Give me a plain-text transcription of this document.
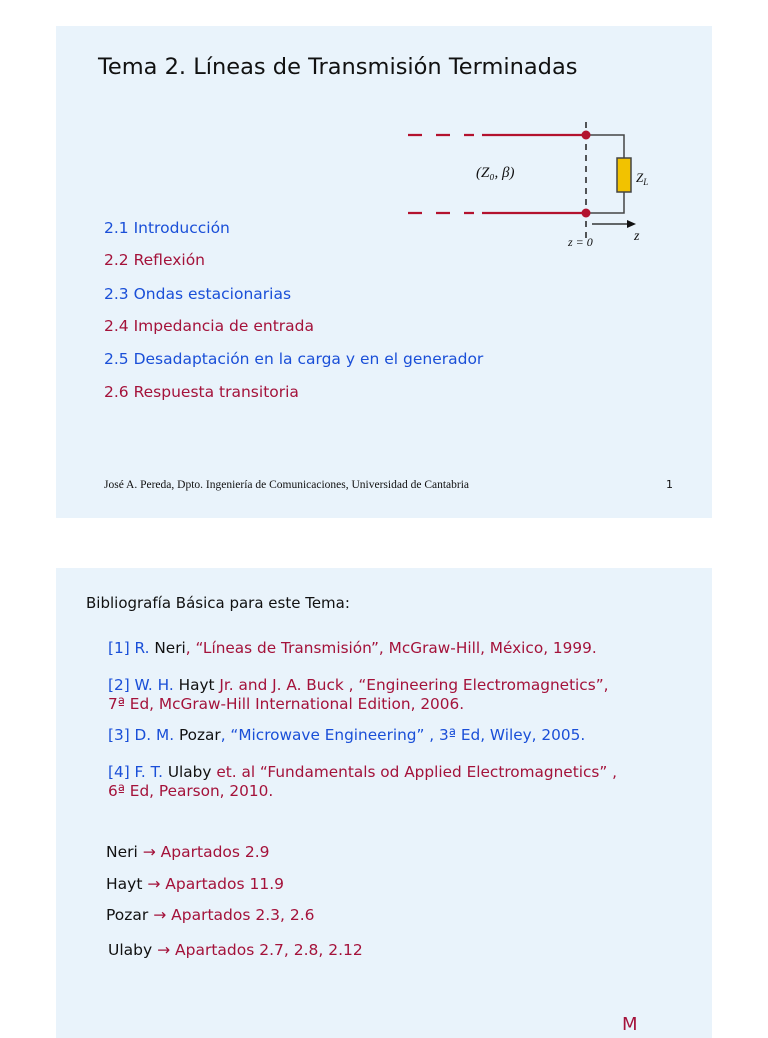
Tema 2. Líneas de Transmisión Terminadas
(Z₀, β)	$Z_L$
z
z = 0
2.1 Introducción
2.2 Reflexión
2.3 Ondas estacionarias
2.4 Impedancia de entrada
2.5 Desadaptación en la carga y en el generador
2.6 Respuesta transitoria
José A. Pereda, Dpto. Ingeniería de Comunicaciones, Universidad de Cantabria	1
Bibliografía Básica para este Tema:
[1] R. Neri, “Líneas de Transmisión”, McGraw-Hill, México, 1999.
[2] W. H. Hayt Jr. and J. A. Buck , “Engineering Electromagnetics”,
7ª Ed, McGraw-Hill International Edition, 2006.
[3] D. M. Pozar, “Microwave Engineering” , 3ª Ed, Wiley, 2005.
[4] F. T. Ulaby et. al “Fundamentals od Applied Electromagnetics” ,
6ª Ed, Pearson, 2010.
Neri → Apartados 2.9
Hayt → Apartados 11.9
Pozar → Apartados 2.3, 2.6
Ulaby → Apartados 2.7, 2.8, 2.12
M
